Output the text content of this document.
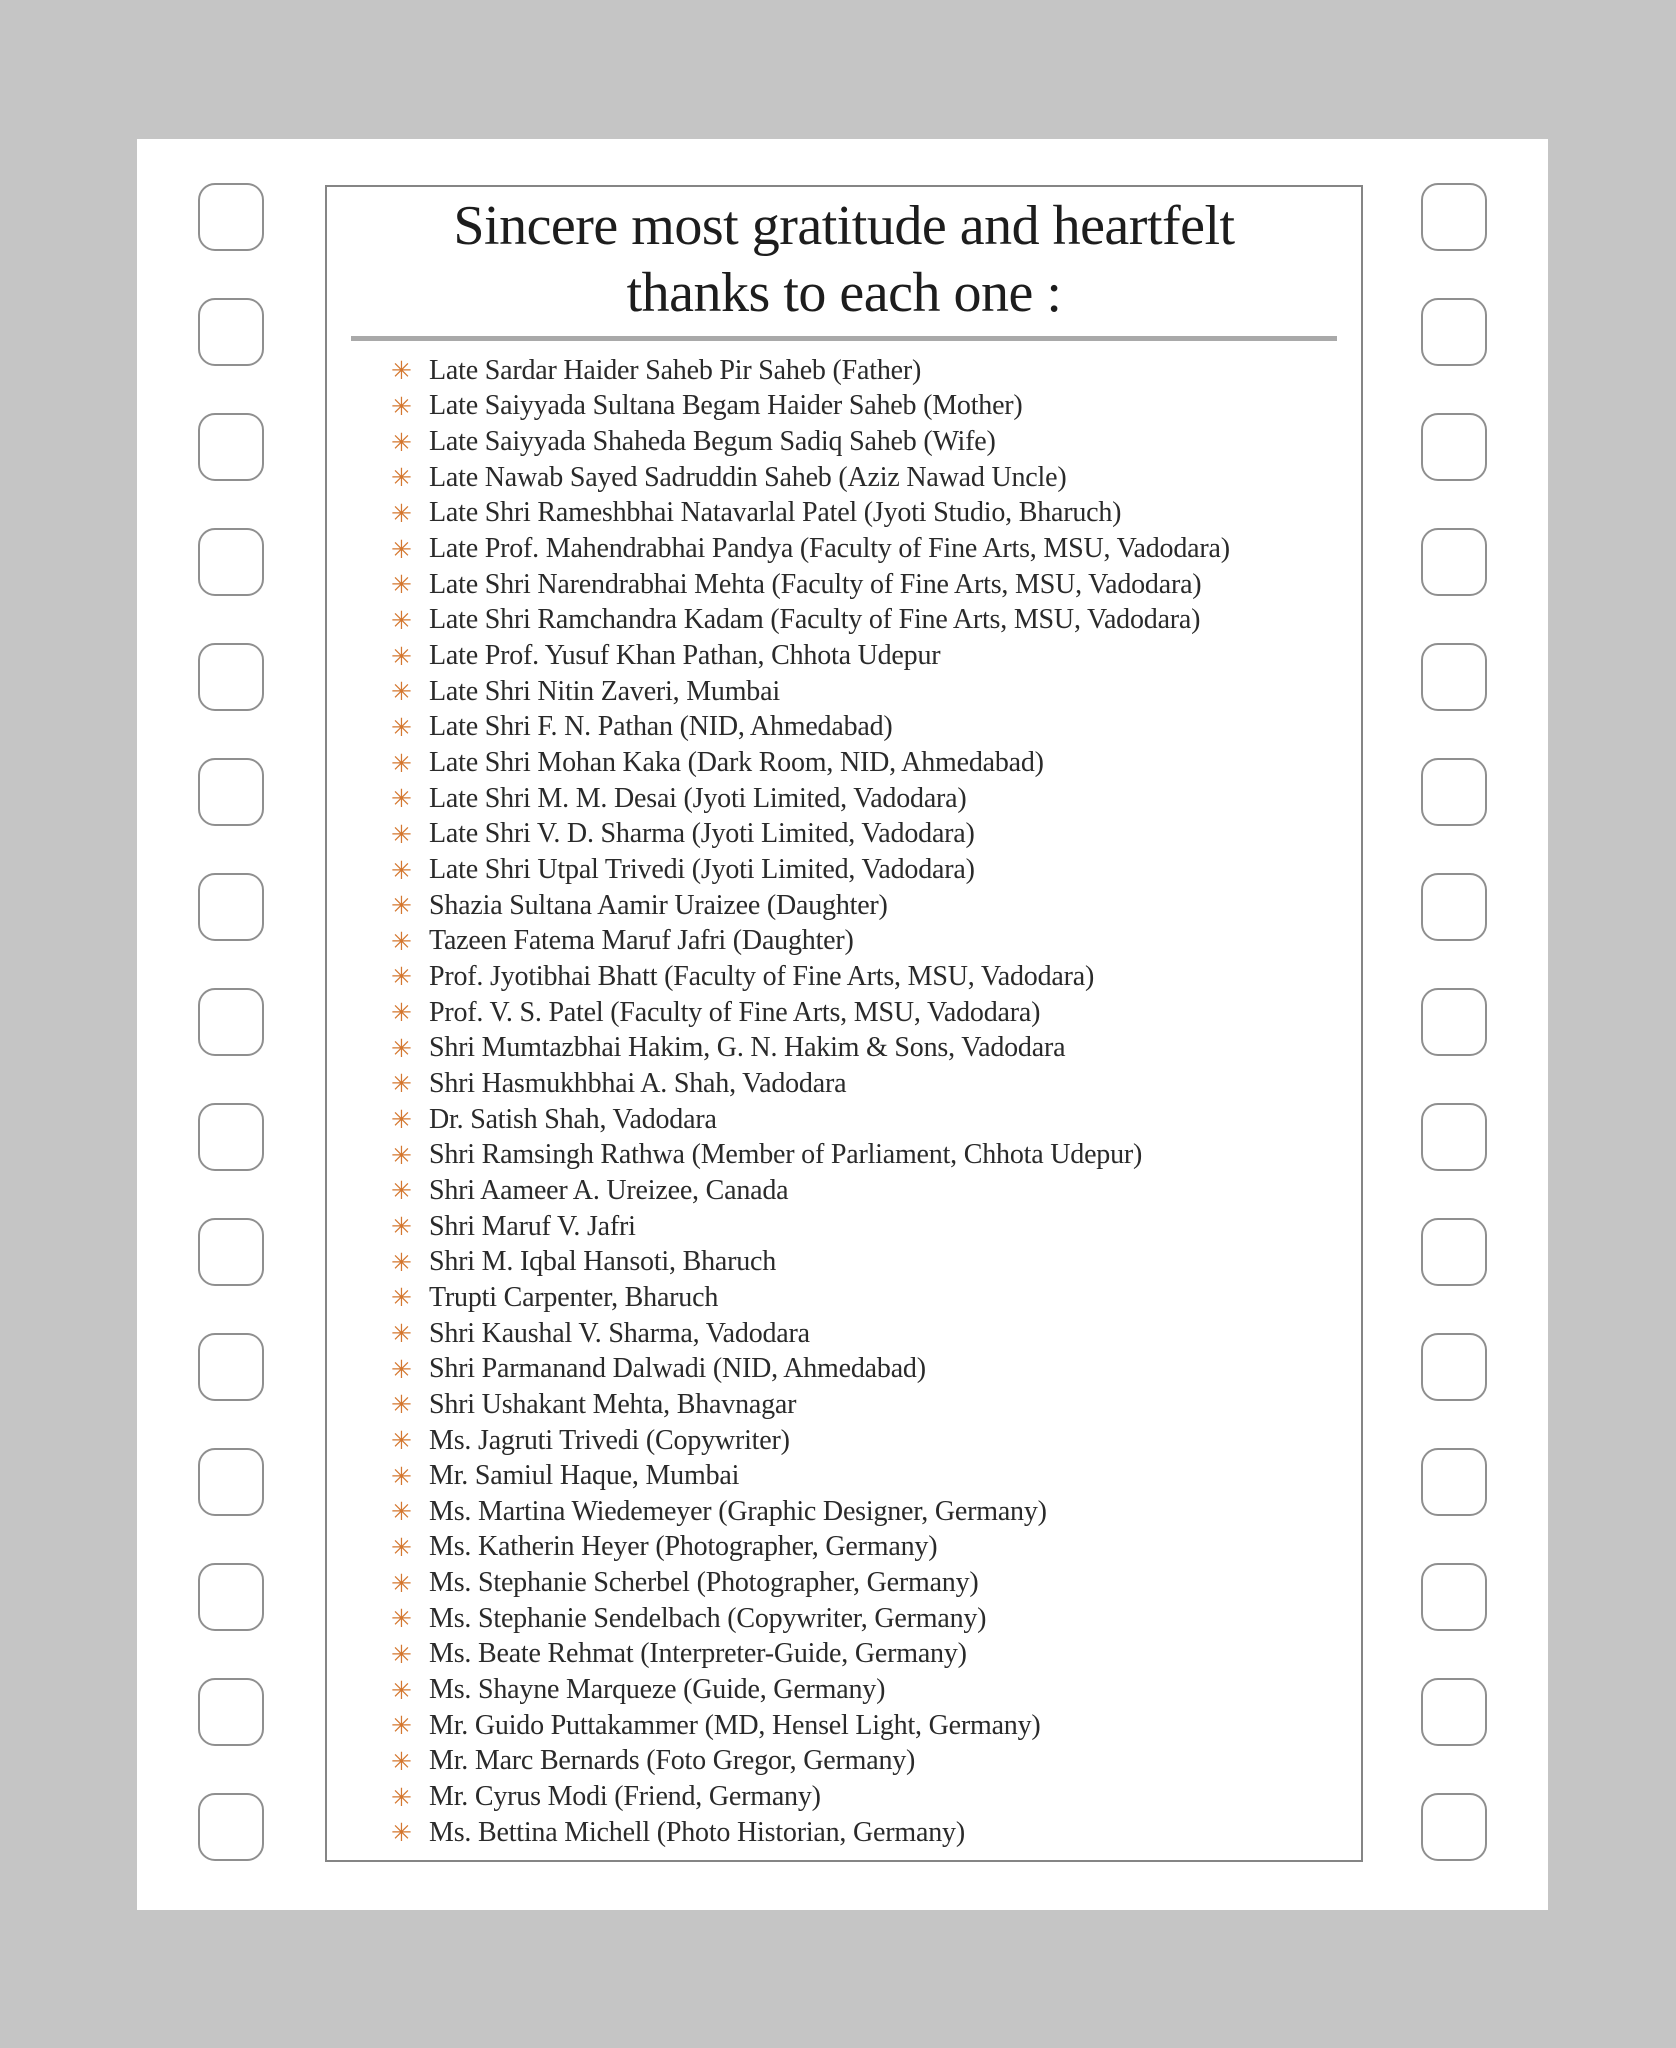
Sincere most gratitude and heartfelt
thanks to each one :
✳ Late Sardar Haider Saheb Pir Saheb (Father)
✳ Late Saiyyada Sultana Begam Haider Saheb (Mother)
✳ Late Saiyyada Shaheda Begum Sadiq Saheb (Wife)
✳ Late Nawab Sayed Sadruddin Saheb (Aziz Nawad Uncle)
✳ Late Shri Rameshbhai Natavarlal Patel (Jyoti Studio, Bharuch)
✳ Late Prof. Mahendrabhai Pandya (Faculty of Fine Arts, MSU, Vadodara)
✳ Late Shri Narendrabhai Mehta (Faculty of Fine Arts, MSU, Vadodara)
✳ Late Shri Ramchandra Kadam (Faculty of Fine Arts, MSU, Vadodara)
✳ Late Prof. Yusuf Khan Pathan, Chhota Udepur
✳ Late Shri Nitin Zaveri, Mumbai
✳ Late Shri F. N. Pathan (NID, Ahmedabad)
✳ Late Shri Mohan Kaka (Dark Room, NID, Ahmedabad)
✳ Late Shri M. M. Desai (Jyoti Limited, Vadodara)
✳ Late Shri V. D. Sharma (Jyoti Limited, Vadodara)
✳ Late Shri Utpal Trivedi (Jyoti Limited, Vadodara)
✳ Shazia Sultana Aamir Uraizee (Daughter)
✳ Tazeen Fatema Maruf Jafri (Daughter)
✳ Prof. Jyotibhai Bhatt (Faculty of Fine Arts, MSU, Vadodara)
✳ Prof. V. S. Patel (Faculty of Fine Arts, MSU, Vadodara)
✳ Shri Mumtazbhai Hakim, G. N. Hakim & Sons, Vadodara
✳ Shri Hasmukhbhai A. Shah, Vadodara
✳ Dr. Satish Shah, Vadodara
✳ Shri Ramsingh Rathwa (Member of Parliament, Chhota Udepur)
✳ Shri Aameer A. Ureizee, Canada
✳ Shri Maruf V. Jafri
✳ Shri M. Iqbal Hansoti, Bharuch
✳ Trupti Carpenter, Bharuch
✳ Shri Kaushal V. Sharma, Vadodara
✳ Shri Parmanand Dalwadi (NID, Ahmedabad)
✳ Shri Ushakant Mehta, Bhavnagar
✳ Ms. Jagruti Trivedi (Copywriter)
✳ Mr. Samiul Haque, Mumbai
✳ Ms. Martina Wiedemeyer (Graphic Designer, Germany)
✳ Ms. Katherin Heyer (Photographer, Germany)
✳ Ms. Stephanie Scherbel (Photographer, Germany)
✳ Ms. Stephanie Sendelbach (Copywriter, Germany)
✳ Ms. Beate Rehmat (Interpreter-Guide, Germany)
✳ Ms. Shayne Marqueze (Guide, Germany)
✳ Mr. Guido Puttakammer (MD, Hensel Light, Germany)
✳ Mr. Marc Bernards (Foto Gregor, Germany)
✳ Mr. Cyrus Modi (Friend, Germany)
✳ Ms. Bettina Michell (Photo Historian, Germany)
